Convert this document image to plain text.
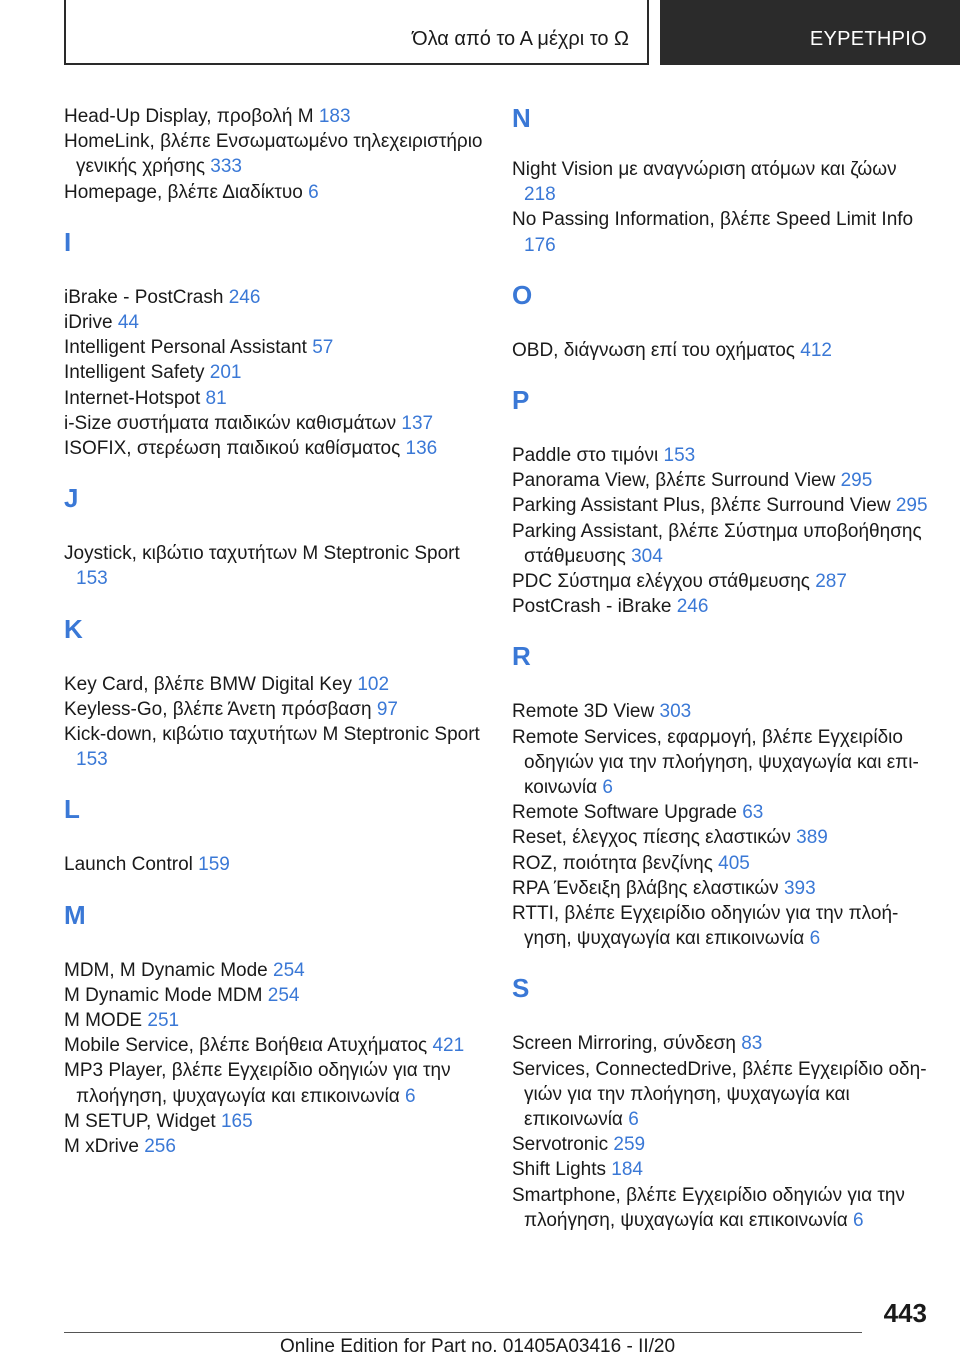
Όλα από το Α μέχρι το Ω	ΕΥΡΕΤΗΡΙΟ
Head-Up Display, προβολή M 183
HomeLink, βλέπε Ενσωματωμένο τηλεχειριστήριο γενικής χρήσης 333
Homepage, βλέπε Διαδίκτυο 6
I
iBrake - PostCrash 246
iDrive 44
Intelligent Personal Assistant 57
Intelligent Safety 201
Internet-Hotspot 81
i-Size συστήματα παιδικών καθισμάτων 137
ISOFIX, στερέωση παιδικού καθίσματος 136
J
Joystick, κιβώτιο ταχυτήτων M Steptronic Sport 153
K
Key Card, βλέπε BMW Digital Key 102
Keyless-Go, βλέπε Άνετη πρόσβαση 97
Kick-down, κιβώτιο ταχυτήτων M Steptronic Sport 153
L
Launch Control 159
M
MDM, M Dynamic Mode 254
M Dynamic Mode MDM 254
M MODE 251
Mobile Service, βλέπε Βοήθεια Ατυχήματος 421
MP3 Player, βλέπε Εγχειρίδιο οδηγιών για την πλοήγηση, ψυχαγωγία και επικοινωνία 6
M SETUP, Widget 165
M xDrive 256
N
Night Vision με αναγνώριση ατόμων και ζώων 218
No Passing Information, βλέπε Speed Limit Info 176
O
OBD, διάγνωση επί του οχήματος 412
P
Paddle στο τιμόνι 153
Panorama View, βλέπε Surround View 295
Parking Assistant Plus, βλέπε Surround View 295
Parking Assistant, βλέπε Σύστημα υποβοήθησης στάθμευσης 304
PDC Σύστημα ελέγχου στάθμευσης 287
PostCrash - iBrake 246
R
Remote 3D View 303
Remote Services, εφαρμογή, βλέπε Εγχειρίδιο οδηγιών για την πλοήγηση, ψυχαγωγία και επικοινωνία 6
Remote Software Upgrade 63
Reset, έλεγχος πίεσης ελαστικών 389
ROZ, ποιότητα βενζίνης 405
RPA Ένδειξη βλάβης ελαστικών 393
RTTI, βλέπε Εγχειρίδιο οδηγιών για την πλοήγηση, ψυχαγωγία και επικοινωνία 6
S
Screen Mirroring, σύνδεση 83
Services, ConnectedDrive, βλέπε Εγχειρίδιο οδηγιών για την πλοήγηση, ψυχαγωγία και επικοινωνία 6
Servotronic 259
Shift Lights 184
Smartphone, βλέπε Εγχειρίδιο οδηγιών για την πλοήγηση, ψυχαγωγία και επικοινωνία 6
443
Online Edition for Part no. 01405A03416 - II/20
